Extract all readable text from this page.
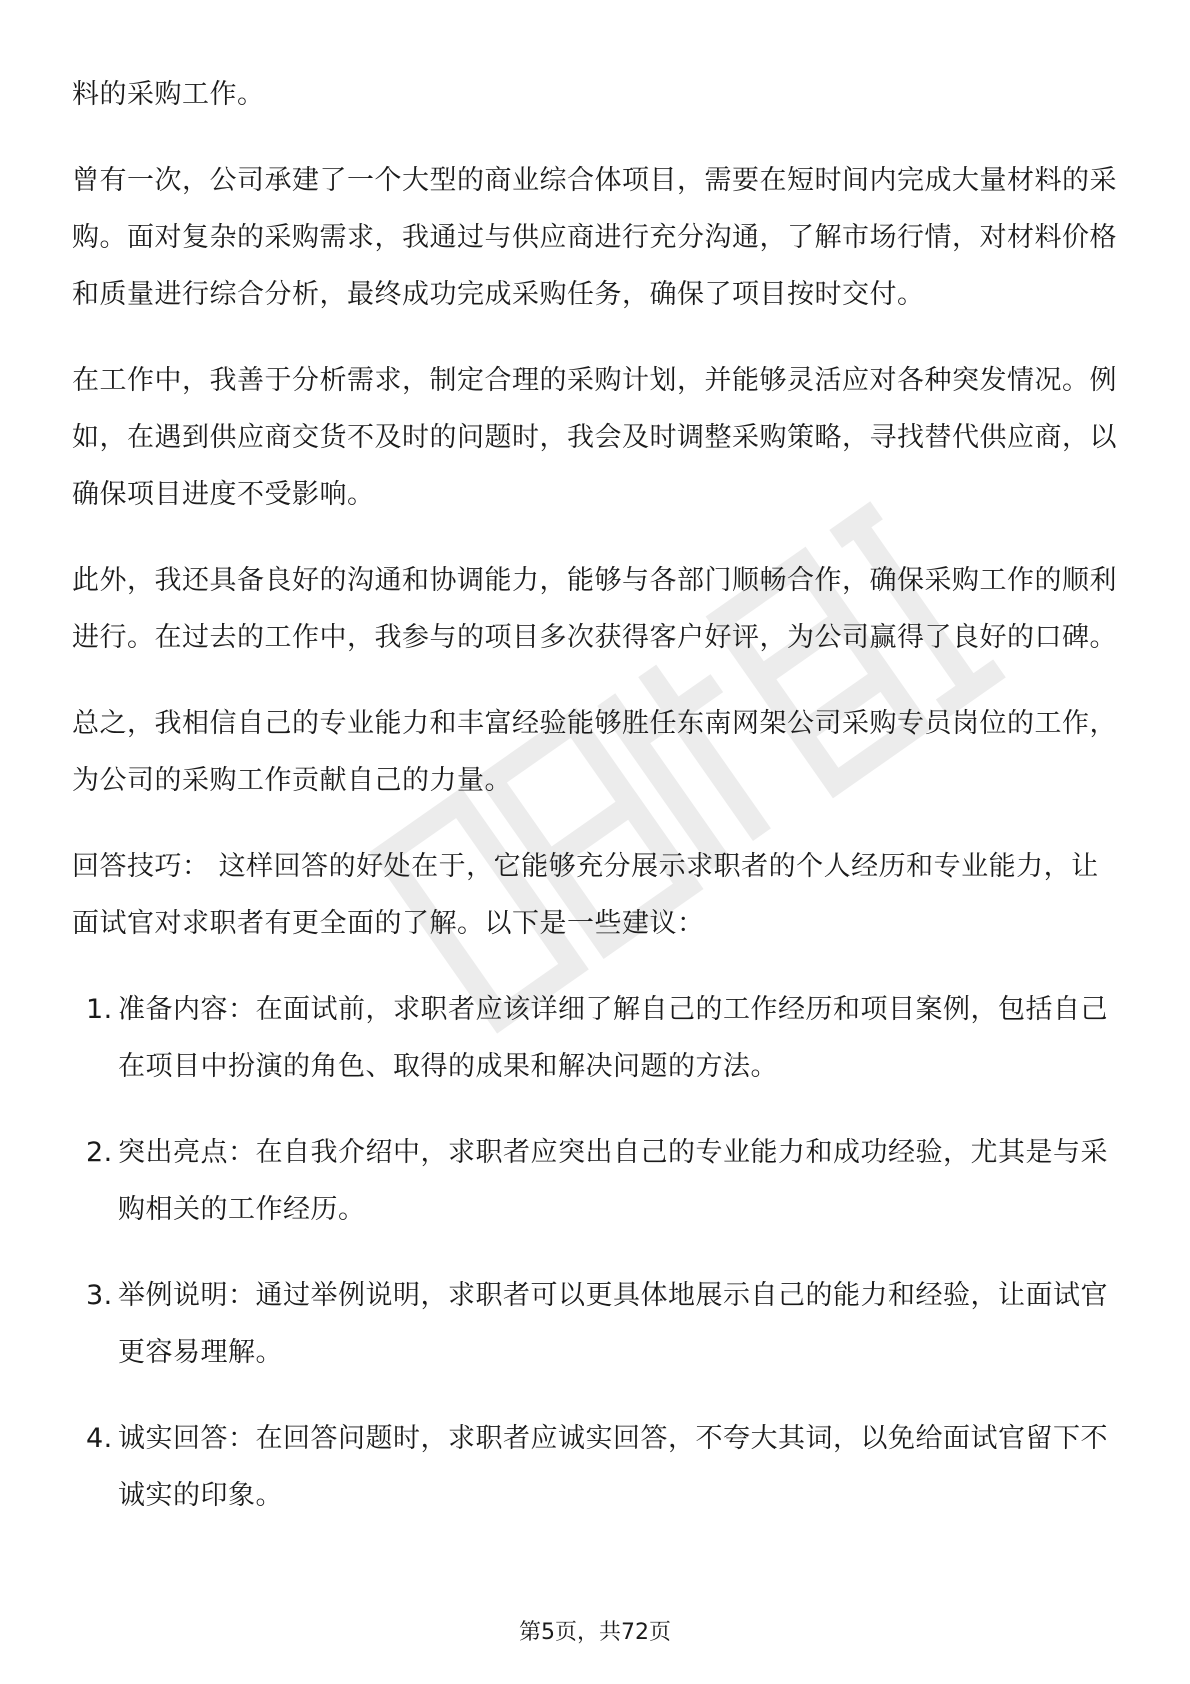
料的采购工作。

曾有一次，公司承建了一个大型的商业综合体项目，需要在短时间内完成大量材料的采购。面对复杂的采购需求，我通过与供应商进行充分沟通，了解市场行情，对材料价格和质量进行综合分析，最终成功完成采购任务，确保了项目按时交付。

在工作中，我善于分析需求，制定合理的采购计划，并能够灵活应对各种突发情况。例如，在遇到供应商交货不及时的问题时，我会及时调整采购策略，寻找替代供应商，以确保项目进度不受影响。

此外，我还具备良好的沟通和协调能力，能够与各部门顺畅合作，确保采购工作的顺利进行。在过去的工作中，我参与的项目多次获得客户好评，为公司赢得了良好的口碑。

总之，我相信自己的专业能力和丰富经验能够胜任东南网架公司采购专员岗位的工作，为公司的采购工作贡献自己的力量。

回答技巧： 这样回答的好处在于，它能够充分展示求职者的个人经历和专业能力，让面试官对求职者有更全面的了解。以下是一些建议：

1. 准备内容：在面试前，求职者应该详细了解自己的工作经历和项目案例，包括自己在项目中扮演的角色、取得的成果和解决问题的方法。
2. 突出亮点：在自我介绍中，求职者应突出自己的专业能力和成功经验，尤其是与采购相关的工作经历。
3. 举例说明：通过举例说明，求职者可以更具体地展示自己的能力和经验，让面试官更容易理解。
4. 诚实回答：在回答问题时，求职者应诚实回答，不夸大其词，以免给面试官留下不诚实的印象。
第5页，共72页
